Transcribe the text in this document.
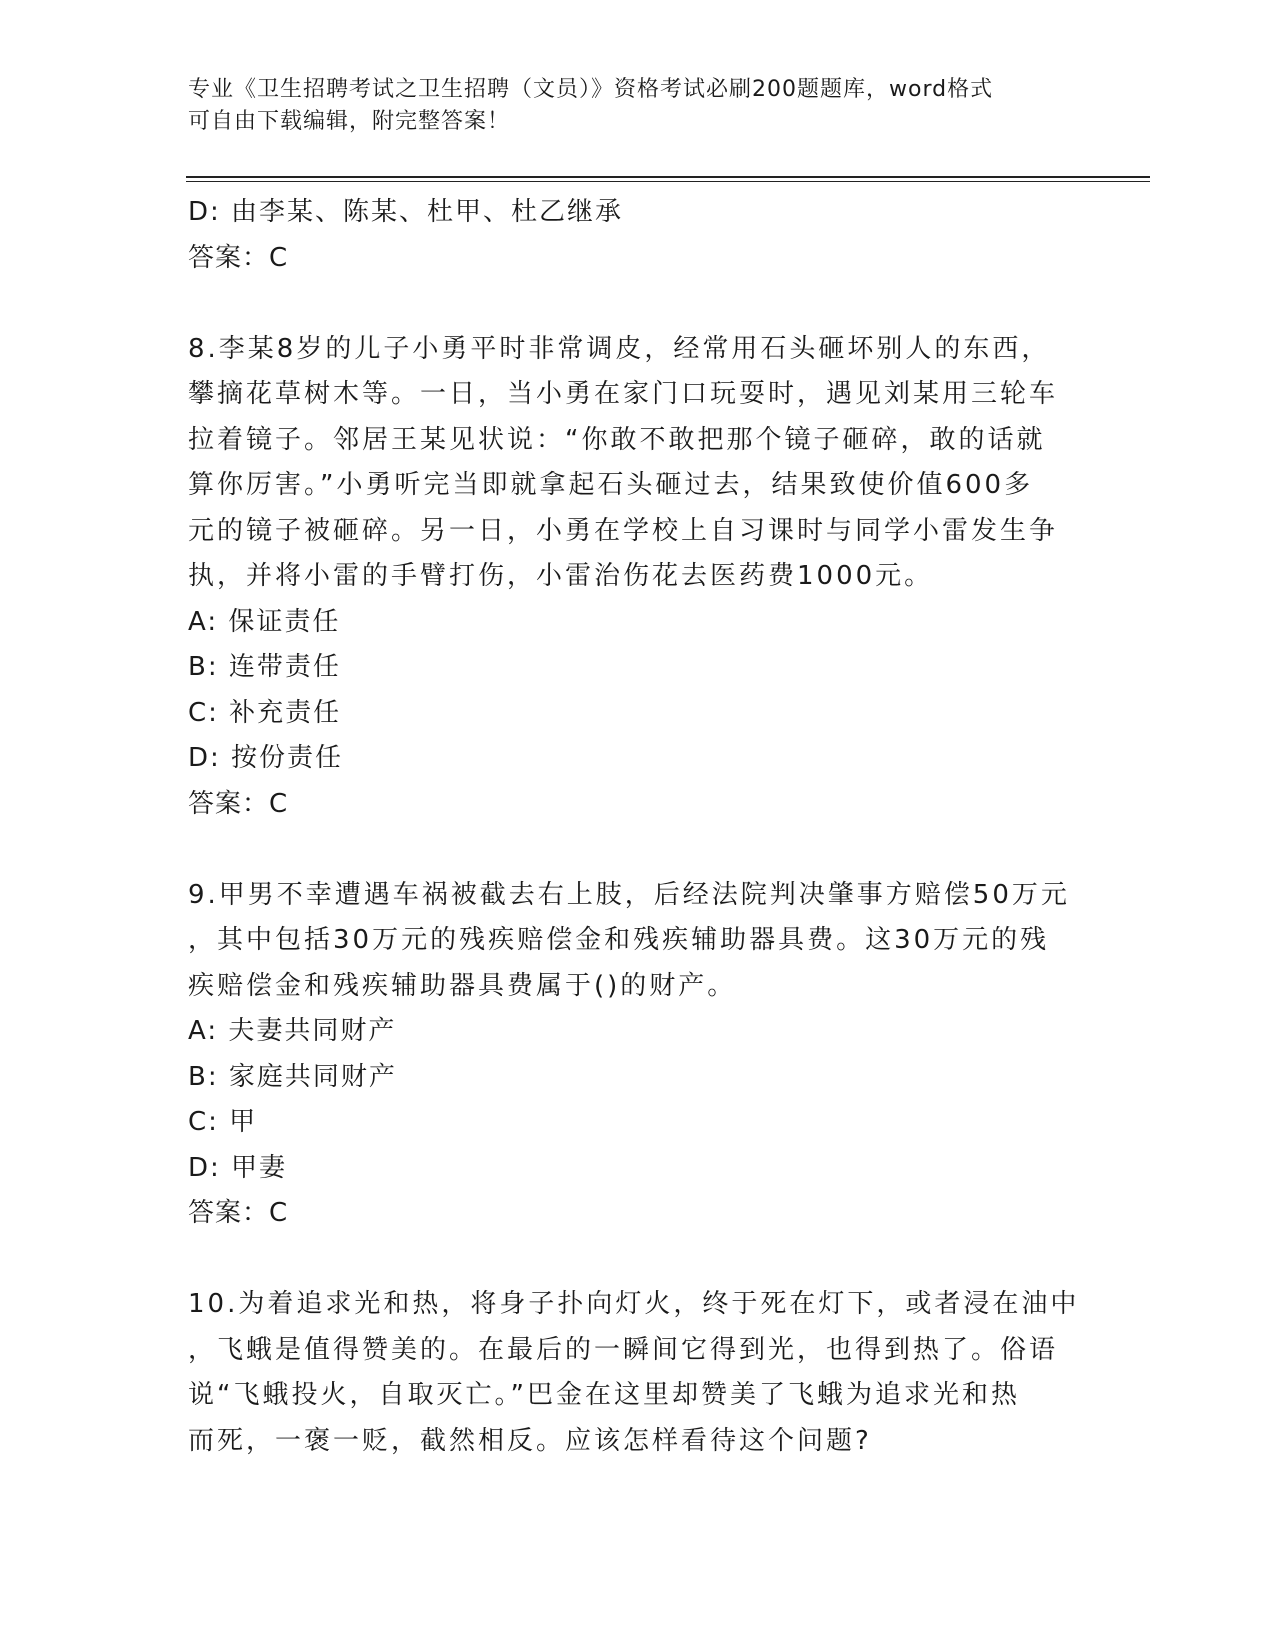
专业《卫生招聘考试之卫生招聘（文员）》资格考试必刷200题题库，word格式
可自由下载编辑，附完整答案！
D: 由李某、陈某、杜甲、杜乙继承
答案：C
8.李某8岁的儿子小勇平时非常调皮，经常用石头砸坏别人的东西，
攀摘花草树木等。一日，当小勇在家门口玩耍时，遇见刘某用三轮车
拉着镜子。邻居王某见状说：“你敢不敢把那个镜子砸碎，敢的话就
算你厉害。”小勇听完当即就拿起石头砸过去，结果致使价值600多
元的镜子被砸碎。另一日，小勇在学校上自习课时与同学小雷发生争
执，并将小雷的手臂打伤，小雷治伤花去医药费1000元。
A: 保证责任
B: 连带责任
C: 补充责任
D: 按份责任
答案：C
9.甲男不幸遭遇车祸被截去右上肢，后经法院判决肇事方赔偿50万元
，其中包括30万元的残疾赔偿金和残疾辅助器具费。这30万元的残
疾赔偿金和残疾辅助器具费属于()的财产。
A: 夫妻共同财产
B: 家庭共同财产
C: 甲
D: 甲妻
答案：C
10.为着追求光和热，将身子扑向灯火，终于死在灯下，或者浸在油中
，飞蛾是值得赞美的。在最后的一瞬间它得到光，也得到热了。俗语
说“飞蛾投火，自取灭亡。”巴金在这里却赞美了飞蛾为追求光和热
而死，一褒一贬，截然相反。应该怎样看待这个问题?
